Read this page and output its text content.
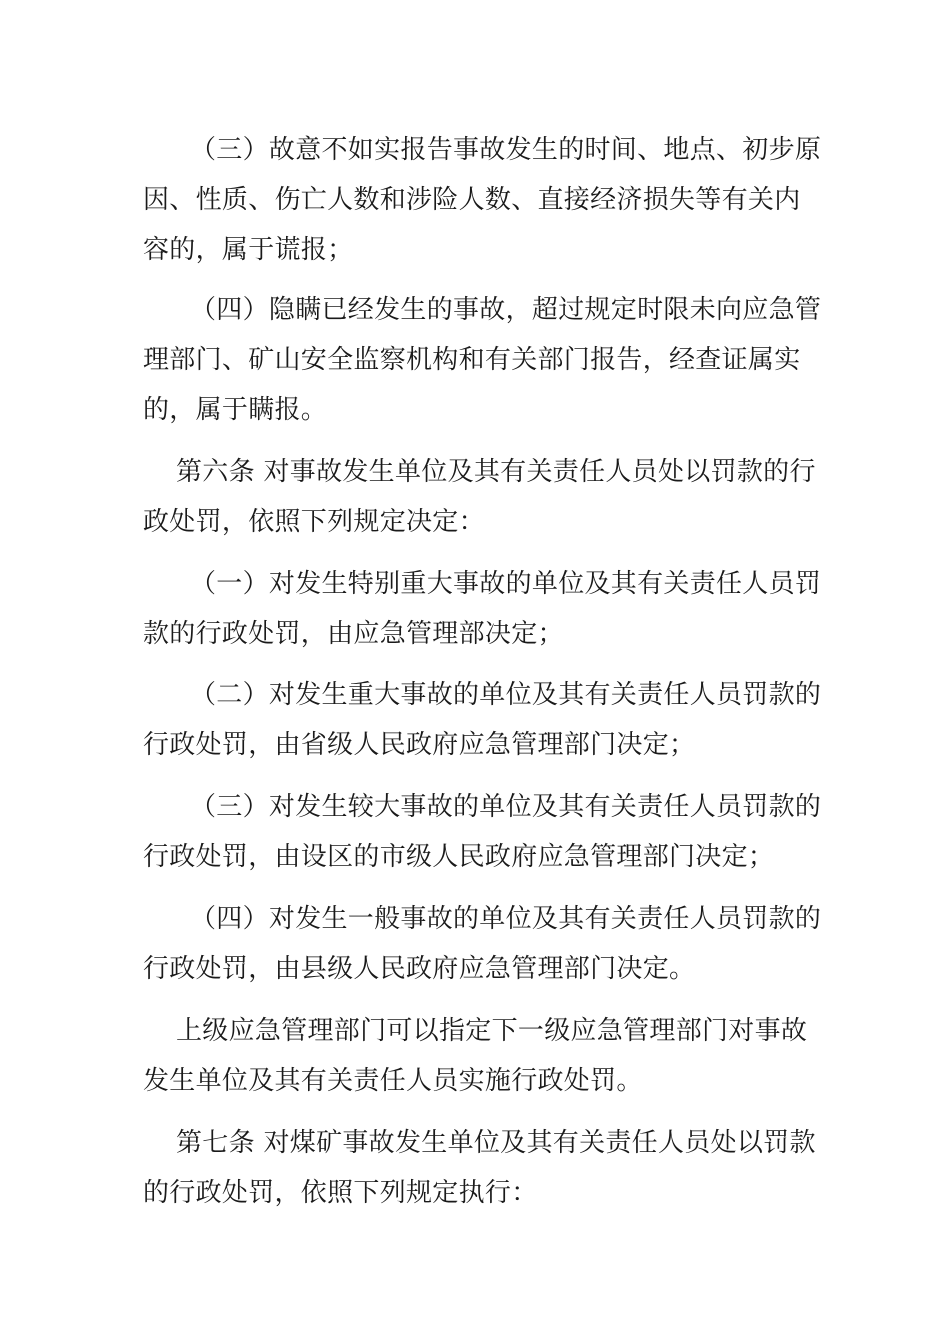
（三）故意不如实报告事故发生的时间、地点、初步原
因、性质、伤亡人数和涉险人数、直接经济损失等有关内
容的，属于谎报；
（四）隐瞒已经发生的事故，超过规定时限未向应急管
理部门、矿山安全监察机构和有关部门报告，经查证属实
的，属于瞒报。
第六条 对事故发生单位及其有关责任人员处以罚款的行
政处罚，依照下列规定决定：
（一）对发生特别重大事故的单位及其有关责任人员罚
款的行政处罚，由应急管理部决定；
（二）对发生重大事故的单位及其有关责任人员罚款的
行政处罚，由省级人民政府应急管理部门决定；
（三）对发生较大事故的单位及其有关责任人员罚款的
行政处罚，由设区的市级人民政府应急管理部门决定；
（四）对发生一般事故的单位及其有关责任人员罚款的
行政处罚，由县级人民政府应急管理部门决定。
上级应急管理部门可以指定下一级应急管理部门对事故
发生单位及其有关责任人员实施行政处罚。
第七条 对煤矿事故发生单位及其有关责任人员处以罚款
的行政处罚，依照下列规定执行：
